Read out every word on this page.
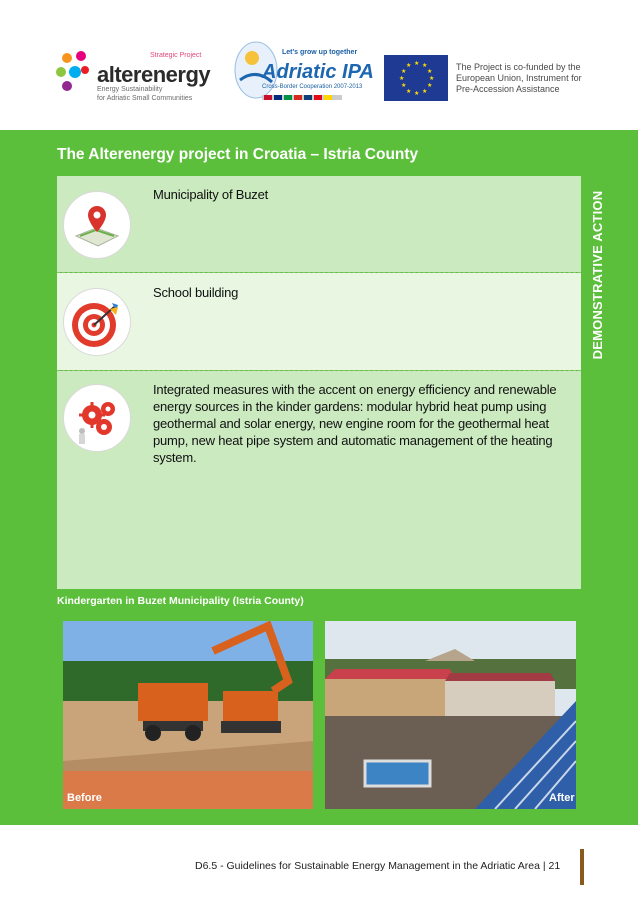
Strategic Project
alterenergy
Energy Sustainability
for Adriatic Small Communities
Let's grow up together
Adriatic IPA
Cross-Border Cooperation 2007-2013
★ ★
★
★
★
★
★
★
★
★
★
★	The Project is co-funded by the European Union, Instrument for Pre-Accession Assistance
The Alterenergy project in Croatia – Istria County
DEMONSTRATIVE ACTION
Municipality of Buzet
School building
Integrated measures with the accent on energy efficiency and renewable energy sources in the kinder gardens: modular hybrid heat pump using geothermal and solar energy, new engine room for the geothermal heat pump, new heat pipe system and automatic management of the heating system.
Kindergarten in Buzet Municipality (Istria County)
Before	After
D6.5 - Guidelines for Sustainable Energy Management in the Adriatic Area | 21
